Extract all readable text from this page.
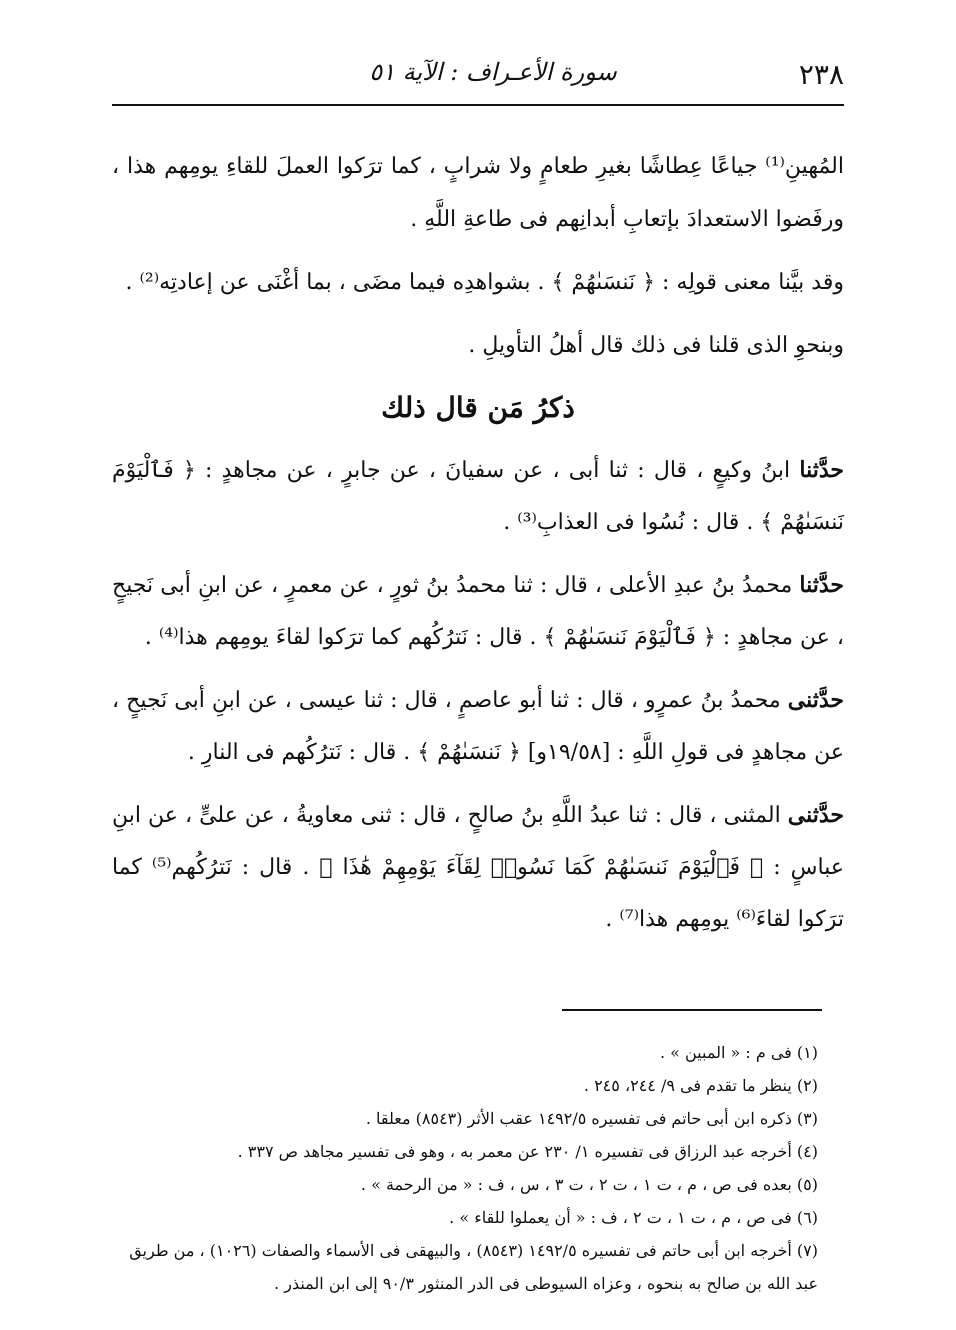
٢٣٨
سورة الأعـراف : الآية ٥١

المُهينِ⁽¹⁾ جياعًا عِطاشًا بغيرِ طعامٍ ولا شرابٍ ، كما ترَكوا العملَ للقاءِ يومِهم هذا ، ورفَضوا الاستعدادَ بإتعابِ أبدانِهم فى طاعةِ اللَّهِ .

وقد بيَّنا معنى قولِه : ﴿ نَنسَىٰهُمْ ﴾ . بشواهدِه فيما مضَى ، بما أغْنَى عن إعادتِه⁽²⁾ .

وبنحوِ الذى قلنا فى ذلك قال أهلُ التأويلِ .

ذكرُ مَن قال ذلك

حدَّثنا ابنُ وكيعٍ ، قال : ثنا أبى ، عن سفيانَ ، عن جابرٍ ، عن مجاهدٍ : ﴿ فَٱلْيَوْمَ نَنسَىٰهُمْ ﴾ . قال : نُسُوا فى العذابِ⁽³⁾ .

حدَّثنا محمدُ بنُ عبدِ الأعلى ، قال : ثنا محمدُ بنُ ثورٍ ، عن معمرٍ ، عن ابنِ أبى نَجيحٍ ، عن مجاهدٍ : ﴿ فَٱلْيَوْمَ نَنسَىٰهُمْ ﴾ . قال : نَترُكُهم كما ترَكوا لقاءَ يومِهم هذا⁽⁴⁾ .

حدَّثنى محمدُ بنُ عمرٍو ، قال : ثنا أبو عاصمٍ ، قال : ثنا عيسى ، عن ابنِ أبى نَجيحٍ ، عن مجاهدٍ فى قولِ اللَّهِ : [١٩/٥٨و] ﴿ نَنسَىٰهُمْ ﴾ . قال : نَترُكُهم فى النارِ .

حدَّثنى المثنى ، قال : ثنا عبدُ اللَّهِ بنُ صالحٍ ، قال : ثنى معاويةُ ، عن علىٍّ ، عن ابنِ عباسٍ : ﴿ فَٱلْيَوْمَ نَنسَىٰهُمْ كَمَا نَسُوا۟ لِقَآءَ يَوْمِهِمْ هَٰذَا ﴾ . قال : نَترُكُهم⁽⁵⁾ كما ترَكوا لقاءَ⁽⁶⁾ يومِهم هذا⁽⁷⁾ .

(١) فى م : « المبين » .

(٢) ينظر ما تقدم فى ٩/ ٢٤٤، ٢٤٥ .

(٣) ذكره ابن أبى حاتم فى تفسيره ١٤٩٢/٥ عقب الأثر (٨٥٤٣) معلقا .

(٤) أخرجه عبد الرزاق فى تفسيره ١/ ٢٣٠ عن معمر به ، وهو فى تفسير مجاهد ص ٣٣٧ .

(٥) بعده فى ص ، م ، ت ١ ، ت ٢ ، ت ٣ ، س ، ف : « من الرحمة » .

(٦) فى ص ، م ، ت ١ ، ت ٢ ، ف : « أن يعملوا للقاء » .

(٧) أخرجه ابن أبى حاتم فى تفسيره ١٤٩٢/٥ (٨٥٤٣) ، والبيهقى فى الأسماء والصفات (١٠٢٦) ، من طريق عبد الله بن صالح به بنحوه ، وعزاه السيوطى فى الدر المنثور ٩٠/٣ إلى ابن المنذر .
